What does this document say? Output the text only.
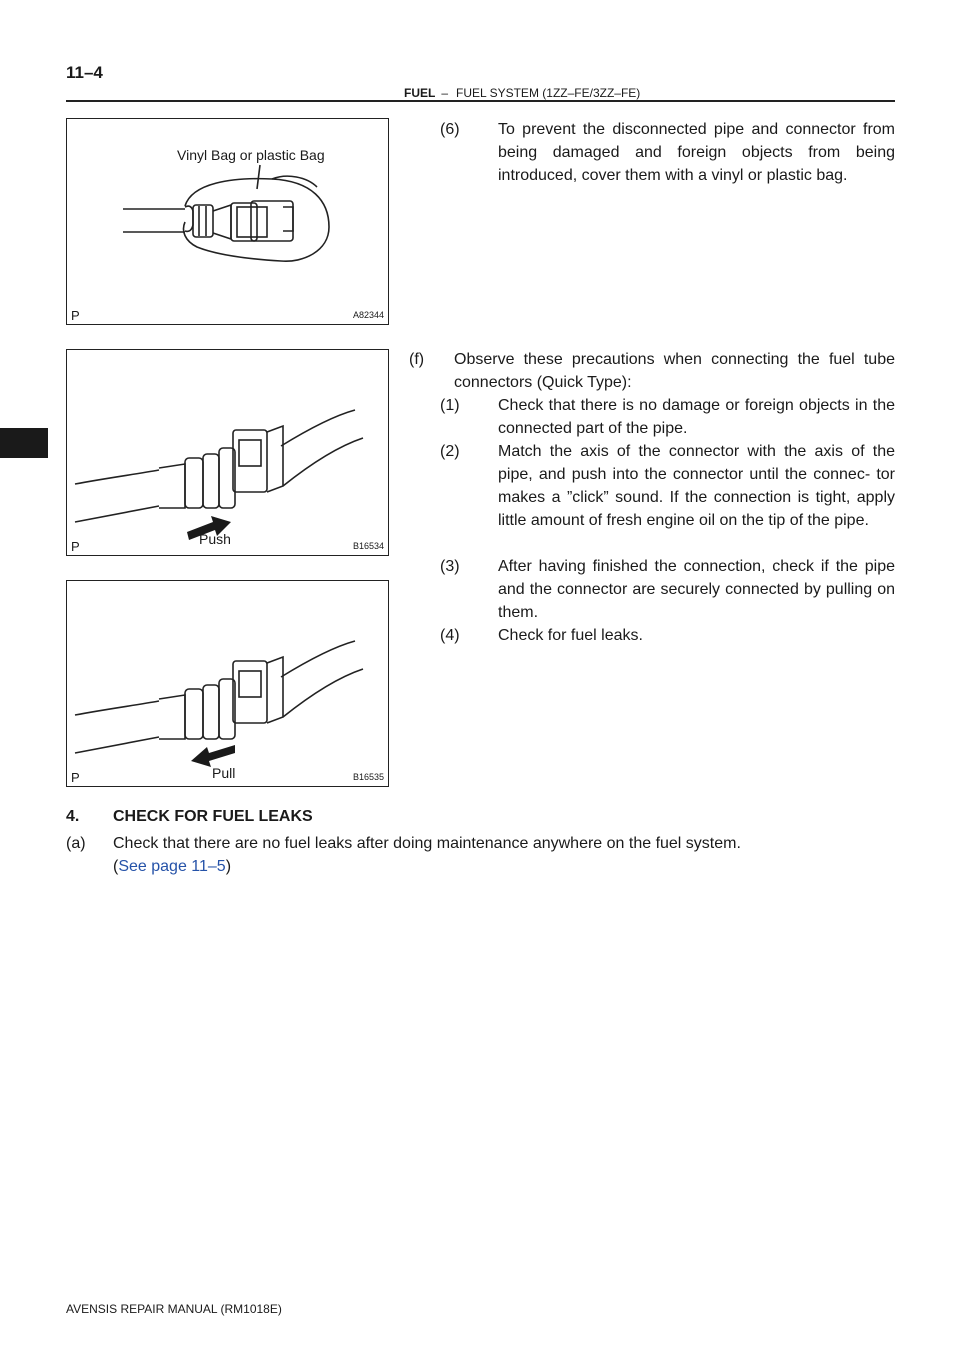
11–4
FUEL – FUEL SYSTEM (1ZZ–FE/3ZZ–FE)
Vinyl Bag or plastic Bag
P	A82344
Push
P	B16534
Pull
P	B16535
(6) To prevent the disconnected pipe and connector from being damaged and foreign objects from being introduced, cover them with a vinyl or plastic bag.
(f) Observe these precautions when connecting the fuel tube connectors (Quick Type):
(1) Check that there is no damage or foreign objects in the connected part of the pipe.
(2) Match the axis of the connector with the axis of the pipe, and push into the connector until the connec- tor makes a ”click” sound. If the connection is tight, apply little amount of fresh engine oil on the tip of the pipe.
(3) After having finished the connection, check if the pipe and the connector are securely connected by pulling on them.
(4) Check for fuel leaks.
4. CHECK FOR FUEL LEAKS
(a) Check that there are no fuel leaks after doing maintenance anywhere on the fuel system.
(See page 11–5)
AVENSIS REPAIR MANUAL (RM1018E)
